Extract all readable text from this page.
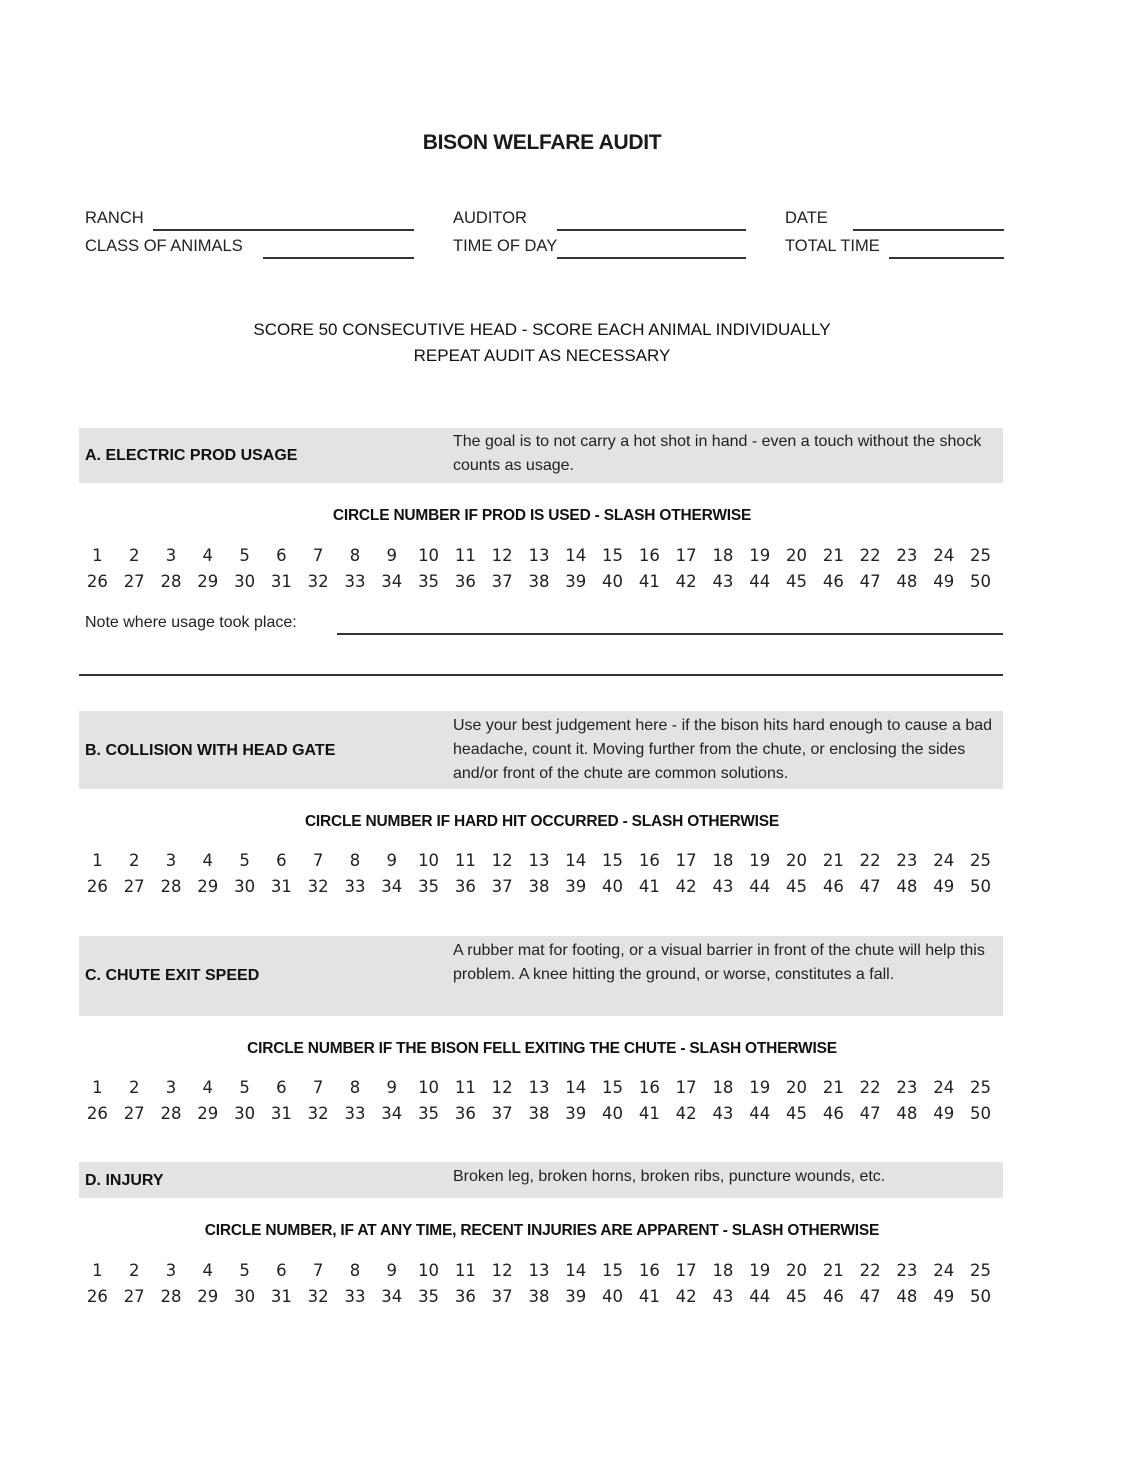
BISON WELFARE AUDIT
RANCH
CLASS OF ANIMALS
AUDITOR
TIME OF DAY
DATE
TOTAL TIME
SCORE 50 CONSECUTIVE HEAD - SCORE EACH ANIMAL INDIVIDUALLY
REPEAT AUDIT AS NECESSARY
A. ELECTRIC PROD USAGE
The goal is to not carry a hot shot in hand - even a touch without the shock counts as usage.
CIRCLE NUMBER IF PROD IS USED - SLASH OTHERWISE
1	2	3	4	5	6	7	8	9	10 11 12 13 14 15 16 17 18 19 20 21 22 23 24 25
26 27 28 29 30 31 32 33 34 35 36 37 38 39 40 41 42 43 44 45 46 47 48 49 50
Note where usage took place:
B. COLLISION WITH HEAD GATE
Use your best judgement here - if the bison hits hard enough to cause a bad headache, count it. Moving further from the chute, or enclosing the sides and/or front of the chute are common solutions.
CIRCLE NUMBER IF HARD HIT OCCURRED - SLASH OTHERWISE
1	2	3	4	5	6	7	8	9	10 11 12 13 14 15 16 17 18 19 20 21 22 23 24 25
26 27 28 29 30 31 32 33 34 35 36 37 38 39 40 41 42 43 44 45 46 47 48 49 50
C. CHUTE EXIT SPEED
A rubber mat for footing, or a visual barrier in front of the chute will help this problem. A knee hitting the ground, or worse, constitutes a fall.
CIRCLE NUMBER IF THE BISON FELL EXITING THE CHUTE - SLASH OTHERWISE
1	2	3	4	5	6	7	8	9	10 11 12 13 14 15 16 17 18 19 20 21 22 23 24 25
26 27 28 29 30 31 32 33 34 35 36 37 38 39 40 41 42 43 44 45 46 47 48 49 50
D. INJURY	Broken leg, broken horns, broken ribs, puncture wounds, etc.
CIRCLE NUMBER, IF AT ANY TIME, RECENT INJURIES ARE APPARENT - SLASH OTHERWISE
1	2	3	4	5	6	7	8	9	10 11 12 13 14 15 16 17 18 19 20 21 22 23 24 25
26 27 28 29 30 31 32 33 34 35 36 37 38 39 40 41 42 43 44 45 46 47 48 49 50
